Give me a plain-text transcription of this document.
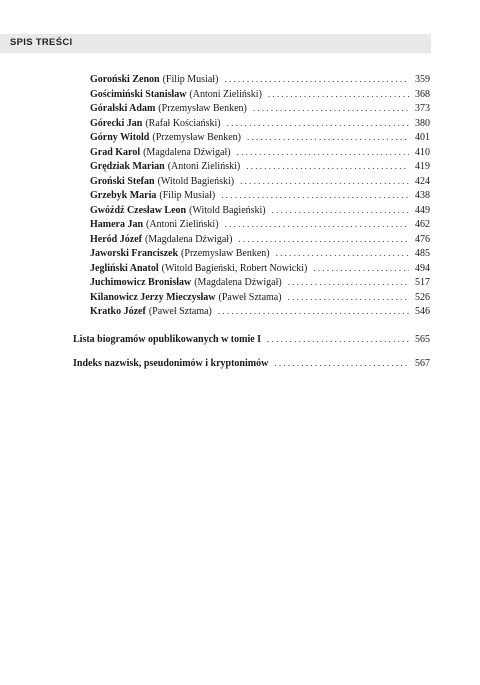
SPIS TREŚCI
Goroński Zenon (Filip Musiał) . . .	359
Gościmiński Stanisław (Antoni Zieliński) . . .	368
Góralski Adam (Przemysław Benken) . . .	373
Górecki Jan (Rafał Kościański) . . .	380
Górny Witold (Przemysław Benken) . . .	401
Grad Karol (Magdalena Dźwigał) . . .	410
Grędziak Marian (Antoni Zieliński) . . .	419
Groński Stefan (Witold Bagieński) . . .	424
Grzebyk Maria (Filip Musiał) . . .	438
Gwóźdź Czesław Leon (Witold Bagieński) . . .	449
Hamera Jan (Antoni Zieliński) . . .	462
Heród Józef (Magdalena Dźwigał) . . .	476
Jaworski Franciszek (Przemysław Benken) . . .	485
Jegliński Anatol (Witold Bagieński, Robert Nowicki) . . .	494
Juchimowicz Bronisław (Magdalena Dźwigał) . . .	517
Kilanowicz Jerzy Mieczysław (Paweł Sztama) . . .	526
Kratko Józef (Paweł Sztama) . . .	546
Lista biogramów opublikowanych w tomie I . . .	565
Indeks nazwisk, pseudonimów i kryptonimów . . .	567
